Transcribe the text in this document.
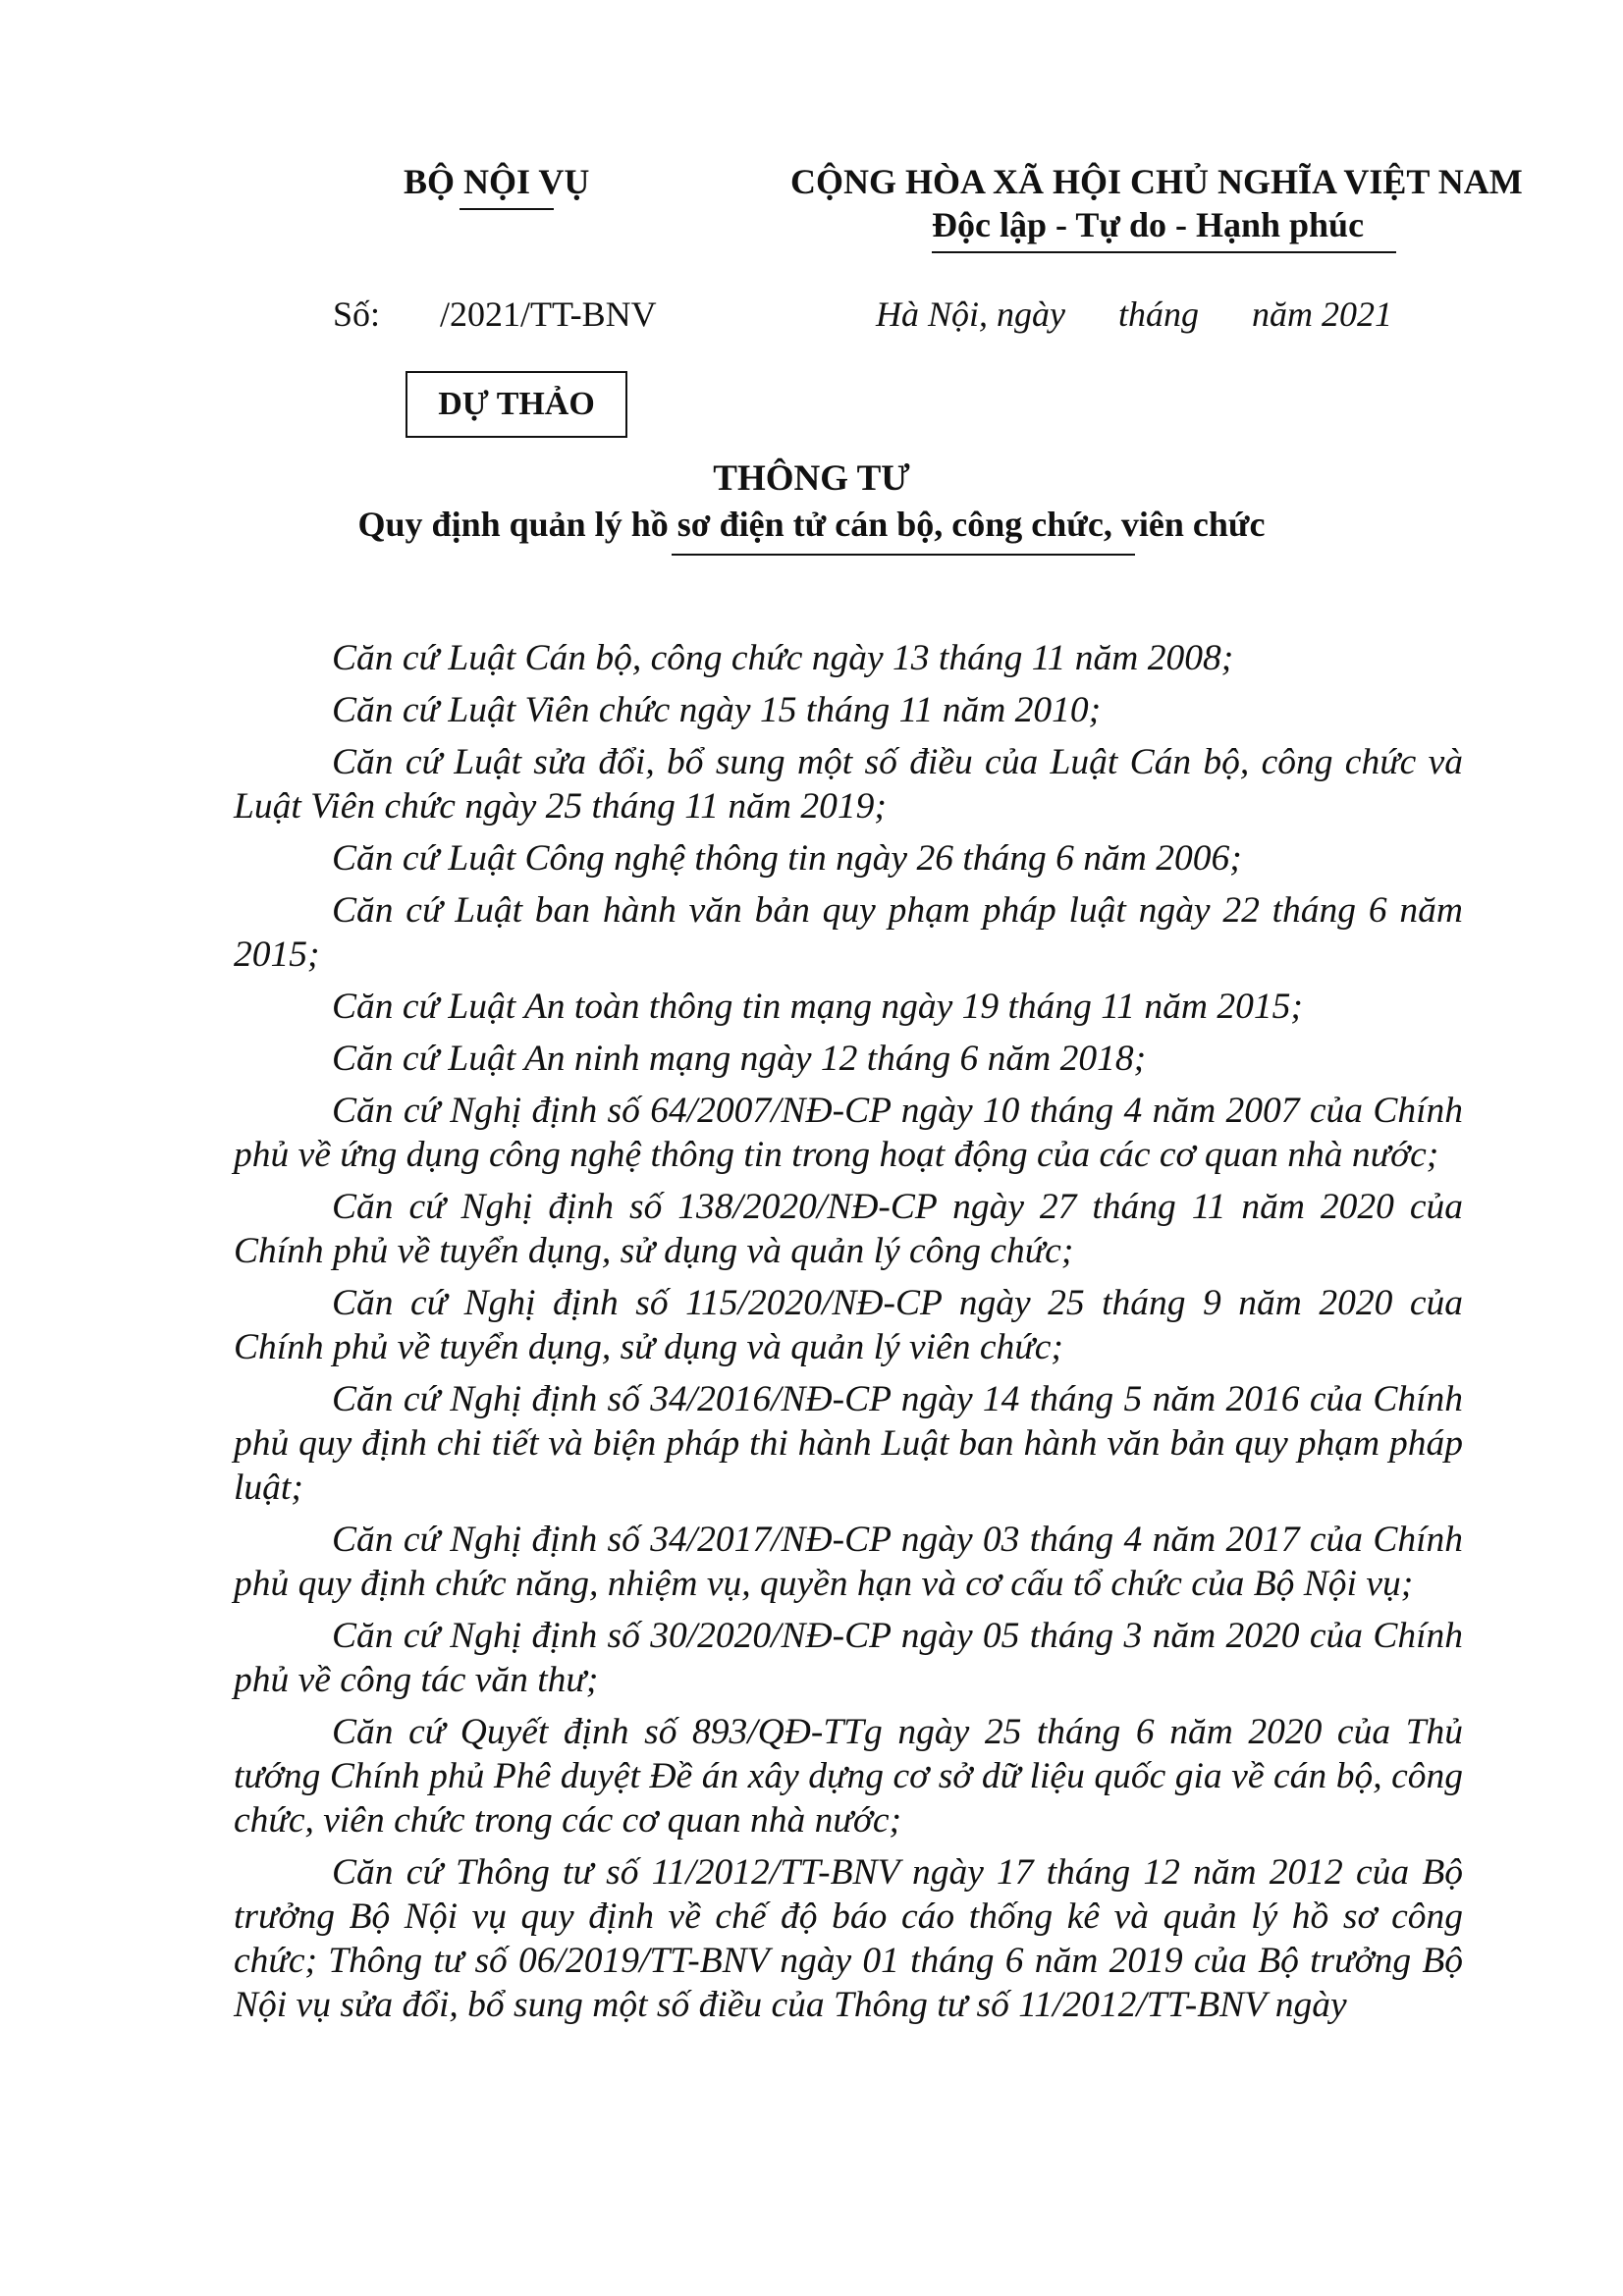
BỘ NỘI VỤ	CỘNG HÒA XÃ HỘI CHỦ NGHĨA VIỆT NAM
Độc lập - Tự do - Hạnh phúc
Số: /2021/TT-BNV	Hà Nội, ngày      tháng      năm 2021
DỰ THẢO
THÔNG TƯ
Quy định quản lý hồ sơ điện tử cán bộ, công chức, viên chức

Căn cứ Luật Cán bộ, công chức ngày 13 tháng 11 năm 2008;

Căn cứ Luật Viên chức ngày 15 tháng 11 năm 2010;

Căn cứ Luật sửa đổi, bổ sung một số điều của Luật Cán bộ, công chức và Luật Viên chức ngày 25 tháng 11 năm 2019;

Căn cứ Luật Công nghệ thông tin ngày 26 tháng 6 năm 2006;

Căn cứ Luật ban hành văn bản quy phạm pháp luật ngày 22 tháng 6 năm 2015;

Căn cứ Luật An toàn thông tin mạng ngày 19 tháng 11 năm 2015;

Căn cứ Luật An ninh mạng ngày 12 tháng 6 năm 2018;

Căn cứ Nghị định số 64/2007/NĐ-CP ngày 10 tháng 4 năm 2007 của Chính phủ về ứng dụng công nghệ thông tin trong hoạt động của các cơ quan nhà nước;

Căn cứ Nghị định số 138/2020/NĐ-CP ngày 27 tháng 11 năm 2020 của Chính phủ về tuyển dụng, sử dụng và quản lý công chức;

Căn cứ Nghị định số 115/2020/NĐ-CP ngày 25 tháng 9 năm 2020 của Chính phủ về tuyển dụng, sử dụng và quản lý viên chức;

Căn cứ Nghị định số 34/2016/NĐ-CP ngày 14 tháng 5 năm 2016 của Chính phủ quy định chi tiết và biện pháp thi hành Luật ban hành văn bản quy phạm pháp luật;

Căn cứ Nghị định số 34/2017/NĐ-CP ngày 03 tháng 4 năm 2017 của Chính phủ quy định chức năng, nhiệm vụ, quyền hạn và cơ cấu tổ chức của Bộ Nội vụ;

Căn cứ Nghị định số 30/2020/NĐ-CP ngày 05 tháng 3 năm 2020 của Chính phủ về công tác văn thư;

Căn cứ Quyết định số 893/QĐ-TTg ngày 25 tháng 6 năm 2020 của Thủ tướng Chính phủ Phê duyệt Đề án xây dựng cơ sở dữ liệu quốc gia về cán bộ, công chức, viên chức trong các cơ quan nhà nước;

Căn cứ Thông tư số 11/2012/TT-BNV ngày 17 tháng 12 năm 2012 của Bộ trưởng Bộ Nội vụ quy định về chế độ báo cáo thống kê và quản lý hồ sơ công chức; Thông tư số 06/2019/TT-BNV ngày 01 tháng 6 năm 2019 của Bộ trưởng Bộ Nội vụ sửa đổi, bổ sung một số điều của Thông tư số 11/2012/TT-BNV ngày
